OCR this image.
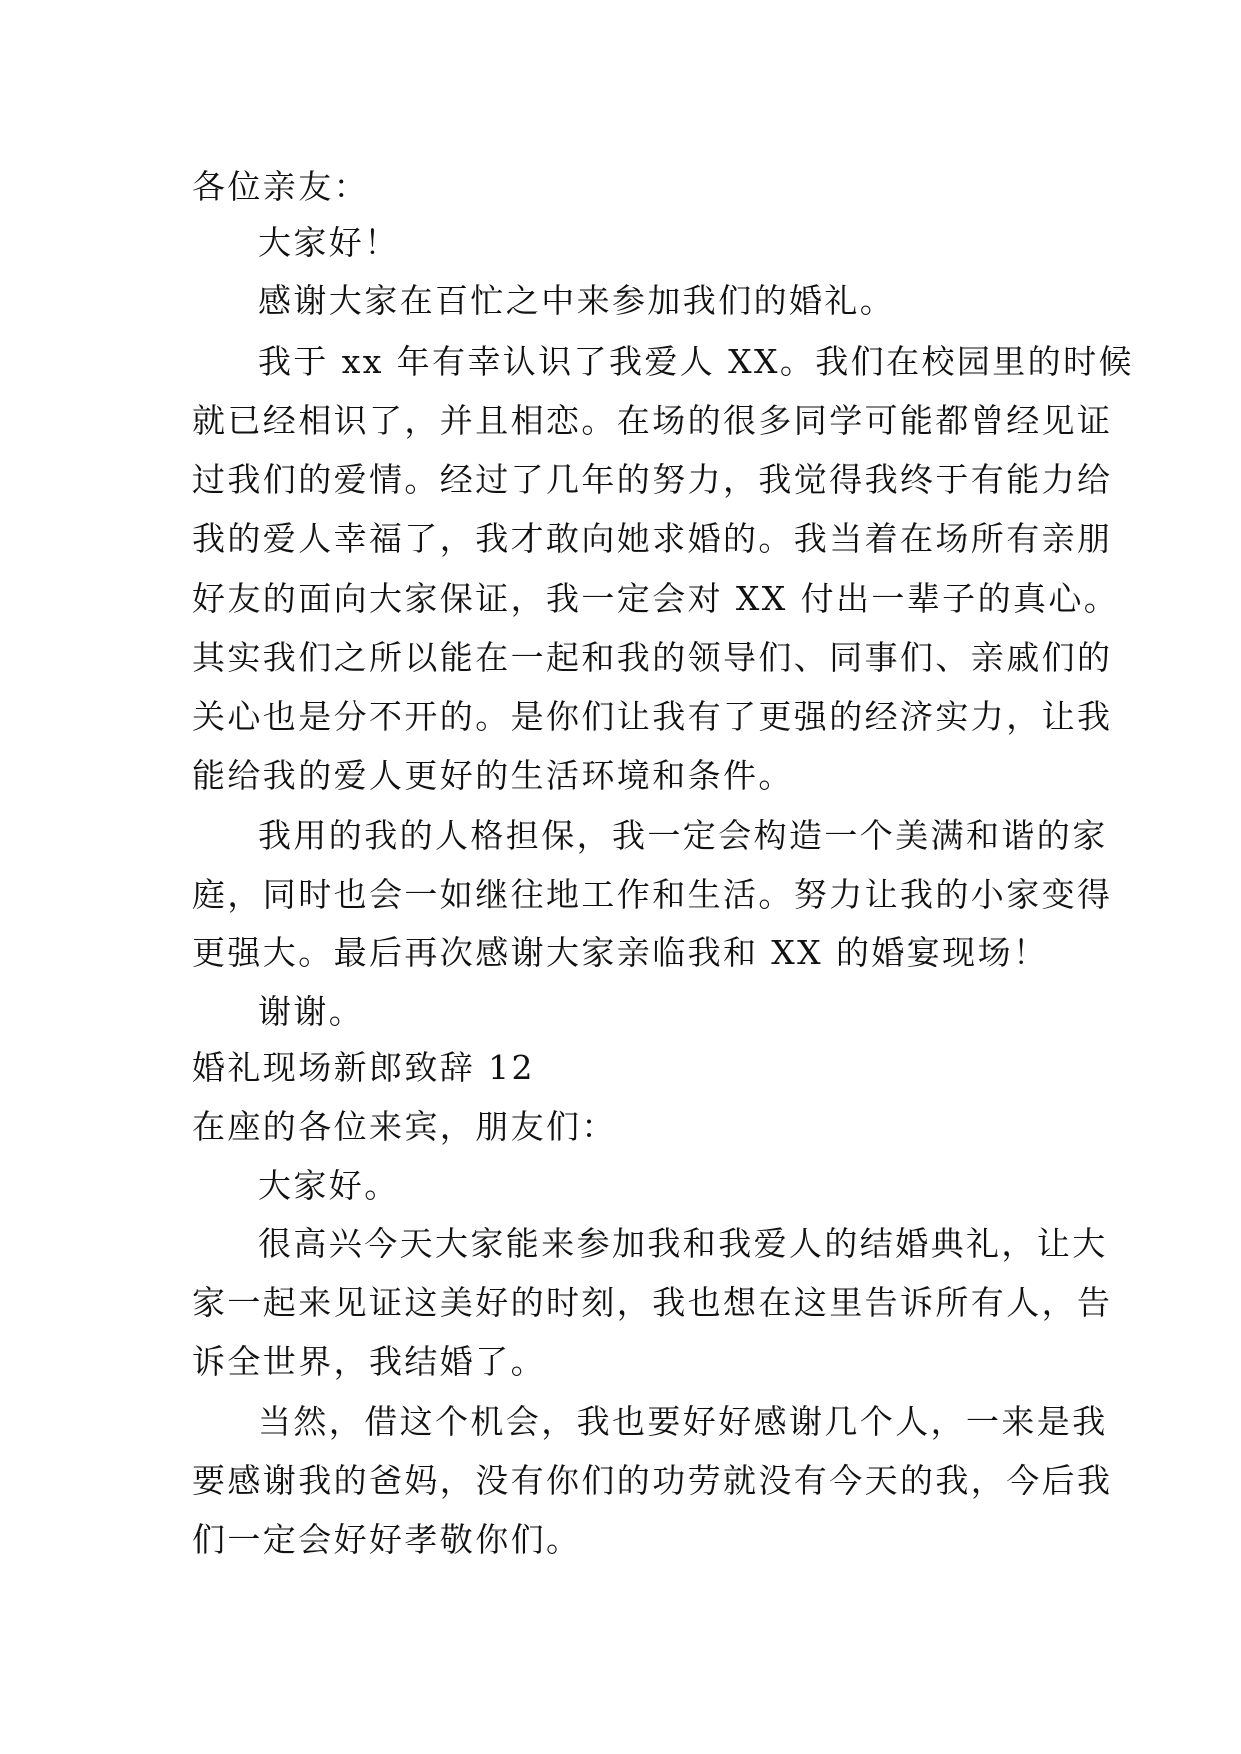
各位亲友：
大家好！
感谢大家在百忙之中来参加我们的婚礼。
我于 xx 年有幸认识了我爱人 XX。我们在校园里的时候
就已经相识了，并且相恋。在场的很多同学可能都曾经见证
过我们的爱情。经过了几年的努力，我觉得我终于有能力给
我的爱人幸福了，我才敢向她求婚的。我当着在场所有亲朋
好友的面向大家保证，我一定会对 XX 付出一辈子的真心。
其实我们之所以能在一起和我的领导们、同事们、亲戚们的
关心也是分不开的。是你们让我有了更强的经济实力，让我
能给我的爱人更好的生活环境和条件。
我用的我的人格担保，我一定会构造一个美满和谐的家
庭，同时也会一如继往地工作和生活。努力让我的小家变得
更强大。最后再次感谢大家亲临我和 XX 的婚宴现场！
谢谢。
婚礼现场新郎致辞 12
在座的各位来宾，朋友们：
大家好。
很高兴今天大家能来参加我和我爱人的结婚典礼，让大
家一起来见证这美好的时刻，我也想在这里告诉所有人，告
诉全世界，我结婚了。
当然，借这个机会，我也要好好感谢几个人，一来是我
要感谢我的爸妈，没有你们的功劳就没有今天的我，今后我
们一定会好好孝敬你们。
